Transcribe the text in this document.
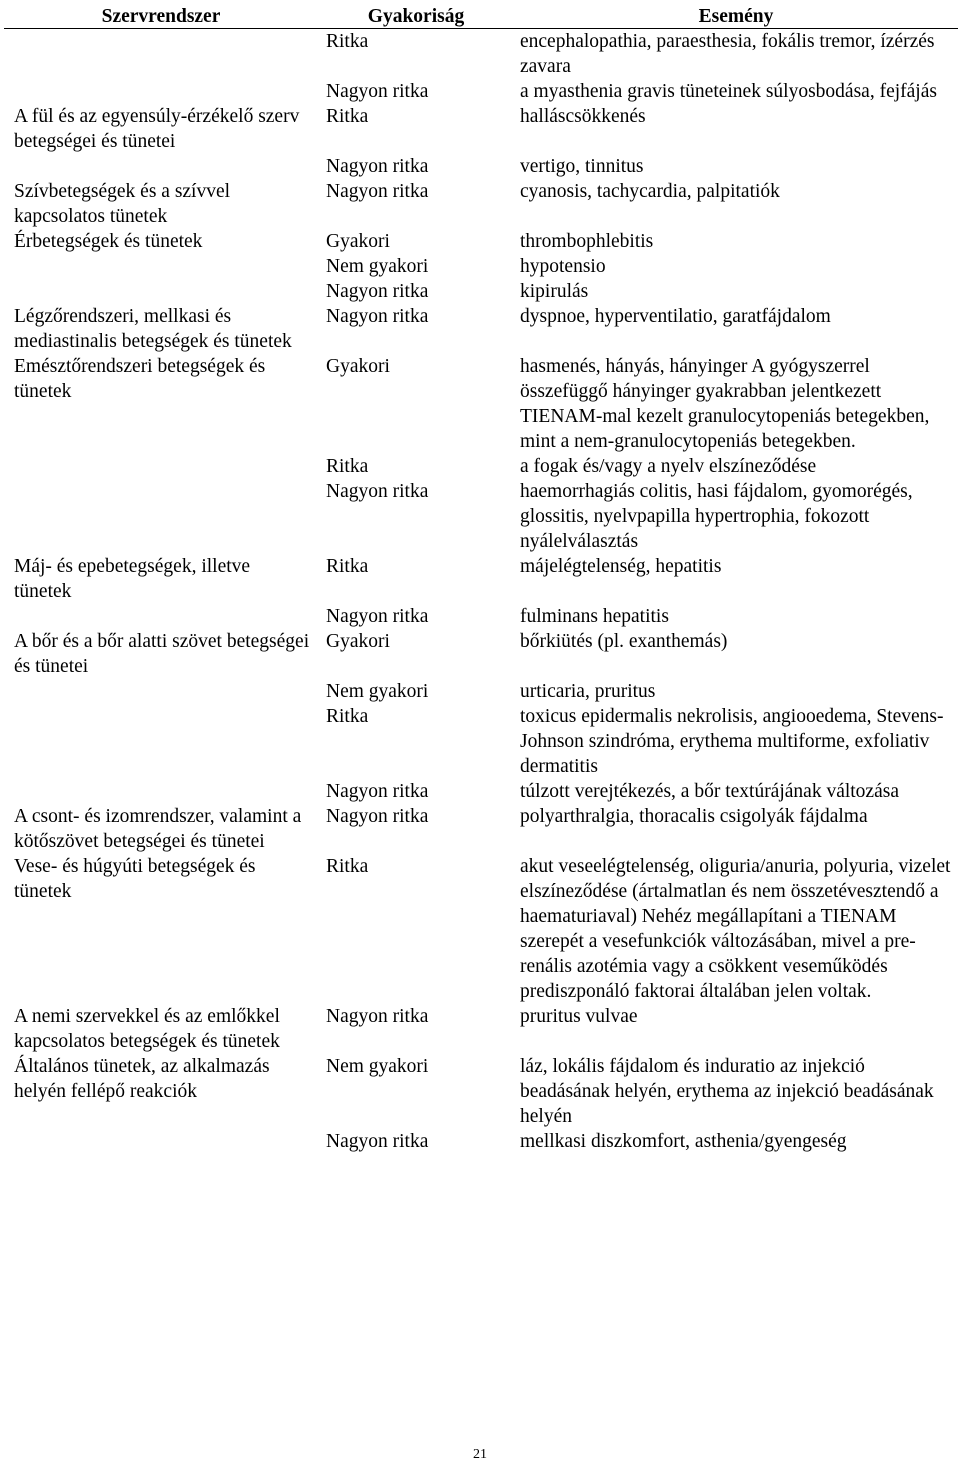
Szervrendszer	Gyakoriság	Esemény
	Ritka	encephalopathia, paraesthesia, fokális tremor, ízérzés zavara
	Nagyon ritka	a myasthenia gravis tüneteinek súlyosbodása, fejfájás
A fül és az egyensúly-érzékelő szerv betegségei és tünetei	Ritka	halláscsökkenés
	Nagyon ritka	vertigo, tinnitus
Szívbetegségek és a szívvel kapcsolatos tünetek	Nagyon ritka	cyanosis, tachycardia, palpitatiók
Érbetegségek és tünetek	Gyakori	thrombophlebitis
	Nem gyakori	hypotensio
	Nagyon ritka	kipirulás
Légzőrendszeri, mellkasi és mediastinalis betegségek és tünetek	Nagyon ritka	dyspnoe, hyperventilatio, garatfájdalom
Emésztőrendszeri betegségek és tünetek	Gyakori	hasmenés, hányás, hányinger A gyógyszerrel összefüggő hányinger gyakrabban jelentkezett TIENAM-mal kezelt granulocytopeniás betegekben, mint a nem-granulocytopeniás betegekben.
	Ritka	a fogak és/vagy a nyelv elszíneződése
	Nagyon ritka	haemorrhagiás colitis, hasi fájdalom, gyomorégés, glossitis, nyelvpapilla hypertrophia, fokozott nyálelválasztás
Máj- és epebetegségek, illetve tünetek	Ritka	májelégtelenség, hepatitis
	Nagyon ritka	fulminans hepatitis
A bőr és a bőr alatti szövet betegségei és tünetei	Gyakori	bőrkiütés (pl. exanthemás)
	Nem gyakori	urticaria, pruritus
	Ritka	toxicus epidermalis nekrolisis, angiooedema, Stevens-Johnson szindróma, erythema multiforme, exfoliativ dermatitis
	Nagyon ritka	túlzott verejtékezés, a bőr textúrájának változása
A csont- és izomrendszer, valamint a kötőszövet betegségei és tünetei	Nagyon ritka	polyarthralgia, thoracalis csigolyák fájdalma
Vese- és húgyúti betegségek és tünetek	Ritka	akut veseelégtelenség, oliguria/anuria, polyuria, vizelet elszíneződése (ártalmatlan és nem összetévesztendő a haematuriaval) Nehéz megállapítani a TIENAM szerepét a vesefunkciók változásában, mivel a pre-renális azotémia vagy a csökkent veseműködés prediszponáló faktorai általában jelen voltak.
A nemi szervekkel és az emlőkkel kapcsolatos betegségek és tünetek	Nagyon ritka	pruritus vulvae
Általános tünetek, az alkalmazás helyén fellépő reakciók	Nem gyakori	láz, lokális fájdalom és induratio az injekció beadásának helyén, erythema az injekció beadásának helyén
	Nagyon ritka	mellkasi diszkomfort, asthenia/gyengeség
21
